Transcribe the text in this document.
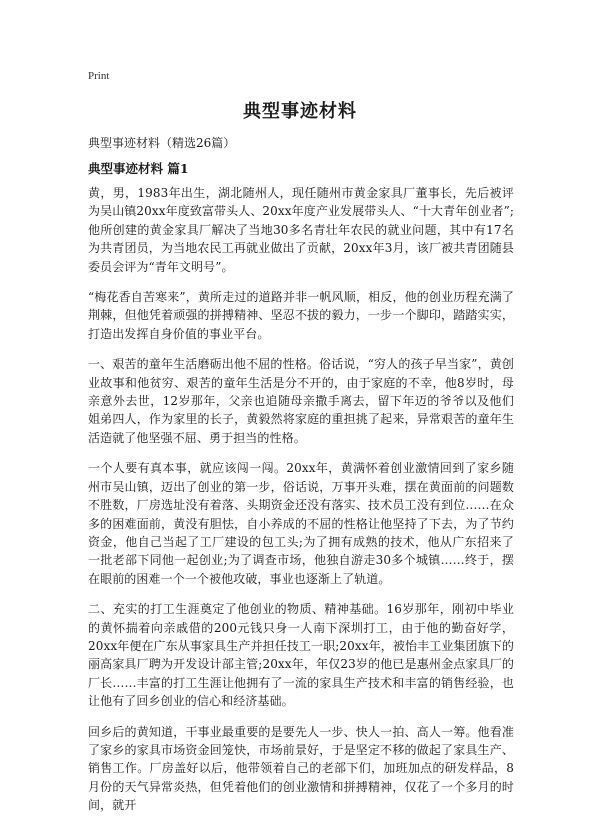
Print
典型事迹材料
典型事迹材料（精选26篇）
典型事迹材料 篇1

黄，男，1983年出生，湖北随州人，现任随州市黄金家具厂董事长，先后被评为吴山镇20xx年度致富带头人、20xx年度产业发展带头人、“十大青年创业者”;他所创建的黄金家具厂解决了当地30多名青壮年农民的就业问题，其中有17名为共青团员，为当地农民工再就业做出了贡献，20xx年3月，该厂被共青团随县委员会评为“青年文明号”。

“梅花香自苦寒来”，黄所走过的道路并非一帆风顺，相反，他的创业历程充满了荆棘，但他凭着顽强的拼搏精神、坚忍不拔的毅力，一步一个脚印，踏踏实实，打造出发挥自身价值的事业平台。

一、艰苦的童年生活磨砺出他不屈的性格。俗话说，“穷人的孩子早当家”，黄创业故事和他贫穷、艰苦的童年生活是分不开的，由于家庭的不幸，他8岁时，母亲意外去世，12岁那年，父亲也追随母亲撒手离去，留下年迈的爷爷以及他们姐弟四人，作为家里的长子，黄毅然将家庭的重担挑了起来，异常艰苦的童年生活造就了他坚强不屈、勇于担当的性格。

一个人要有真本事，就应该闯一闯。20xx年，黄满怀着创业激情回到了家乡随州市吴山镇，迈出了创业的第一步，俗话说，万事开头难，摆在黄面前的问题数不胜数，厂房选址没有着落、头期资金还没有落实、技术员工没有到位……在众多的困难面前，黄没有胆怯，自小养成的不屈的性格让他坚持了下去，为了节约资金，他自己当起了工厂建设的包工头;为了拥有成熟的技术，他从广东招来了一批老部下同他一起创业;为了调查市场，他独自游走30多个城镇……终于，摆在眼前的困难一个一个被他攻破，事业也逐渐上了轨道。

二、充实的打工生涯奠定了他创业的物质、精神基础。16岁那年，刚初中毕业的黄怀揣着向亲戚借的200元钱只身一人南下深圳打工，由于他的勤奋好学，20xx年便在广东从事家具生产并担任技工一职;20xx年，被怡丰工业集团旗下的丽高家具厂聘为开发设计部主管;20xx年，年仅23岁的他已是惠州金点家具厂的厂长……丰富的打工生涯让他拥有了一流的家具生产技术和丰富的销售经验，也让他有了回乡创业的信心和经济基础。

回乡后的黄知道，干事业最重要的是要先人一步、快人一拍、高人一筹。他看准了家乡的家具市场资金回笼快，市场前景好，于是坚定不移的做起了家具生产、销售工作。厂房盖好以后，他带领着自己的老部下们，加班加点的研发样品，8月份的天气异常炎热，但凭着他们的创业激情和拼搏精神，仅花了一个多月的时间，就开
